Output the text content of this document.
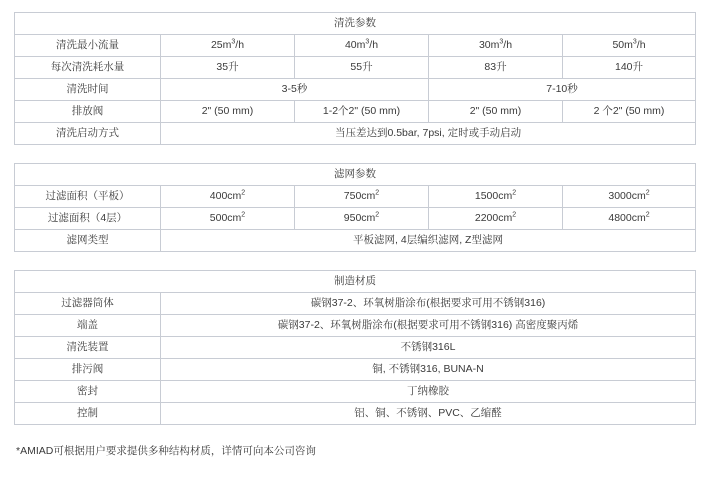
清洗参数				
清洗最小流量	$25m^3/h$	$40m^3/h$	$30m^3/h$	$50m^3/h$
每次清洗耗水量	35升	55升	83升	140升
清洗时间	3-5秒		7-10秒	
排放阀	2" (50 mm)	1-2个2" (50 mm)	2" (50 mm)	2 个2" (50 mm)
清洗启动方式	当压差达到0.5bar, 7psi, 定时或手动启动			
滤网参数				
过滤面积（平板）	$400cm^2$	$750cm^2$	$1500cm^2$	$3000cm^2$
过滤面积（4层）	$500cm^2$	$950cm^2$	$2200cm^2$	$4800cm^2$
滤网类型	平板滤网, 4层编织滤网, Z型滤网			
制造材质	
过滤器筒体	碳钢37-2、环氧树脂涂布(根据要求可用不锈钢316)
端盖	碳钢37-2、环氧树脂涂布(根据要求可用不锈钢316) 高密度聚丙烯
清洗装置	不锈钢316L
排污阀	铜, 不锈钢316, BUNA-N
密封	丁纳橡胶
控制	铝、铜、不锈钢、PVC、乙缩醛
*AMIAD可根据用户要求提供多种结构材质，详情可向本公司咨询
